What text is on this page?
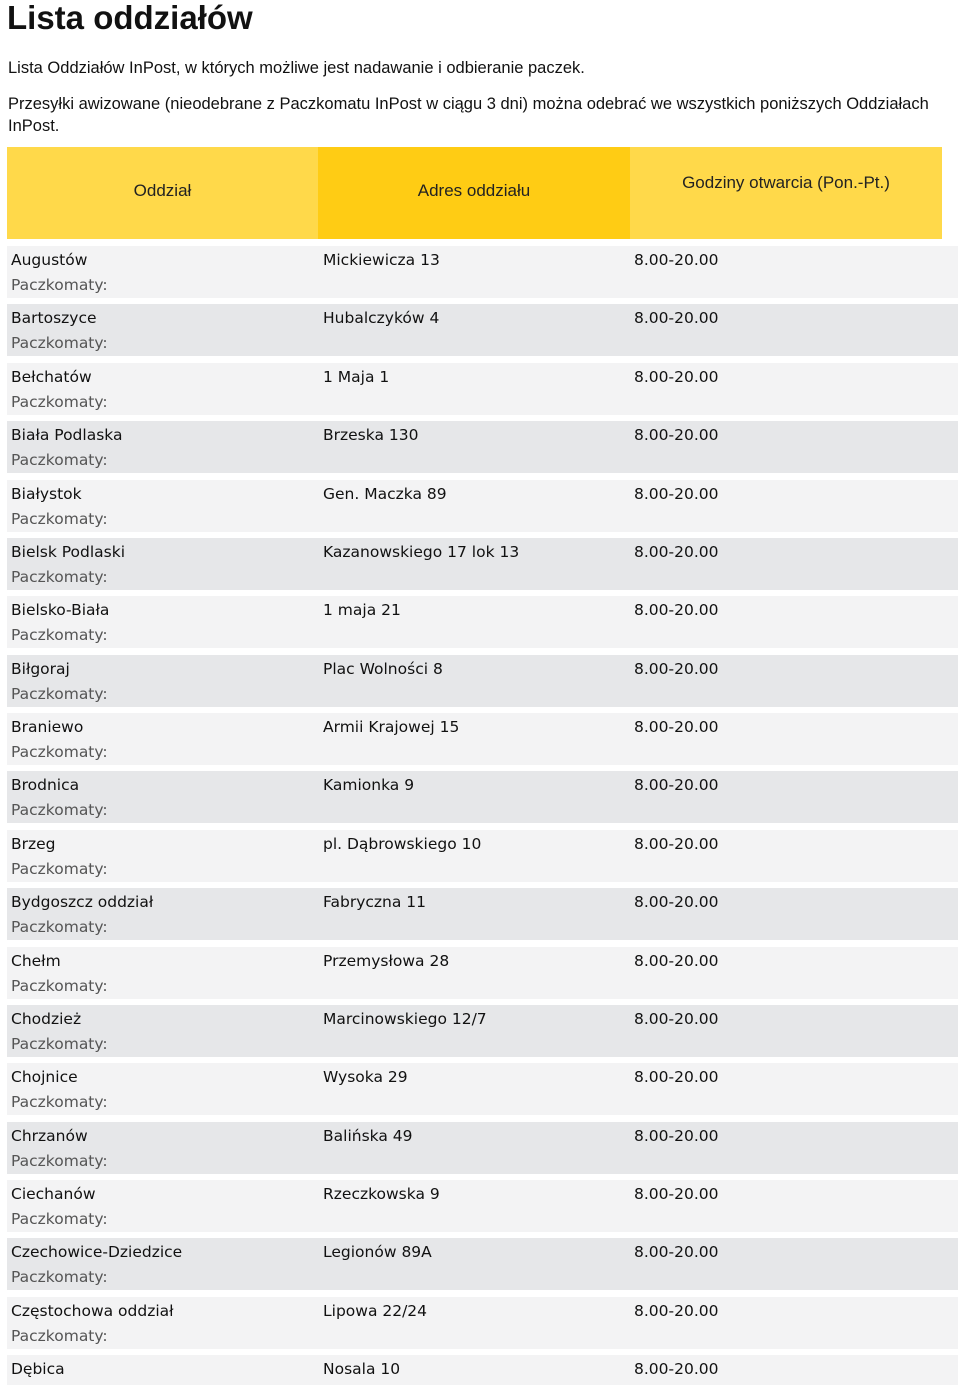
Lista oddziałów

Lista Oddziałów InPost, w których możliwe jest nadawanie i odbieranie paczek.

Przesyłki awizowane (nieodebrane z Paczkomatu InPost w ciągu 3 dni) można odebrać we wszystkich poniższych Oddziałach InPost.

Oddział	Adres oddziału	Godziny otwarcia (Pon.-Pt.)
Augustów
Paczkomaty:
Mickiewicza 13	8.00-20.00
Bartoszyce
Paczkomaty:
Hubalczyków 4	8.00-20.00
Bełchatów
Paczkomaty:
1 Maja 1	8.00-20.00
Biała Podlaska
Paczkomaty:
Brzeska 130	8.00-20.00
Białystok
Paczkomaty:
Gen. Maczka 89	8.00-20.00
Bielsk Podlaski
Paczkomaty:
Kazanowskiego 17 lok 13	8.00-20.00
Bielsko-Biała
Paczkomaty:
1 maja 21	8.00-20.00
Biłgoraj
Paczkomaty:
Plac Wolności 8	8.00-20.00
Braniewo
Paczkomaty:
Armii Krajowej 15	8.00-20.00
Brodnica
Paczkomaty:
Kamionka 9	8.00-20.00
Brzeg
Paczkomaty:
pl. Dąbrowskiego 10	8.00-20.00
Bydgoszcz oddział
Paczkomaty:
Fabryczna 11	8.00-20.00
Chełm
Paczkomaty:
Przemysłowa 28	8.00-20.00
Chodzież
Paczkomaty:
Marcinowskiego 12/7	8.00-20.00
Chojnice
Paczkomaty:
Wysoka 29	8.00-20.00
Chrzanów
Paczkomaty:
Balińska 49	8.00-20.00
Ciechanów
Paczkomaty:
Rzeczkowska 9	8.00-20.00
Czechowice-Dziedzice
Paczkomaty:
Legionów 89A	8.00-20.00
Częstochowa oddział
Paczkomaty:
Lipowa 22/24	8.00-20.00
Dębica	Nosala 10	8.00-20.00
